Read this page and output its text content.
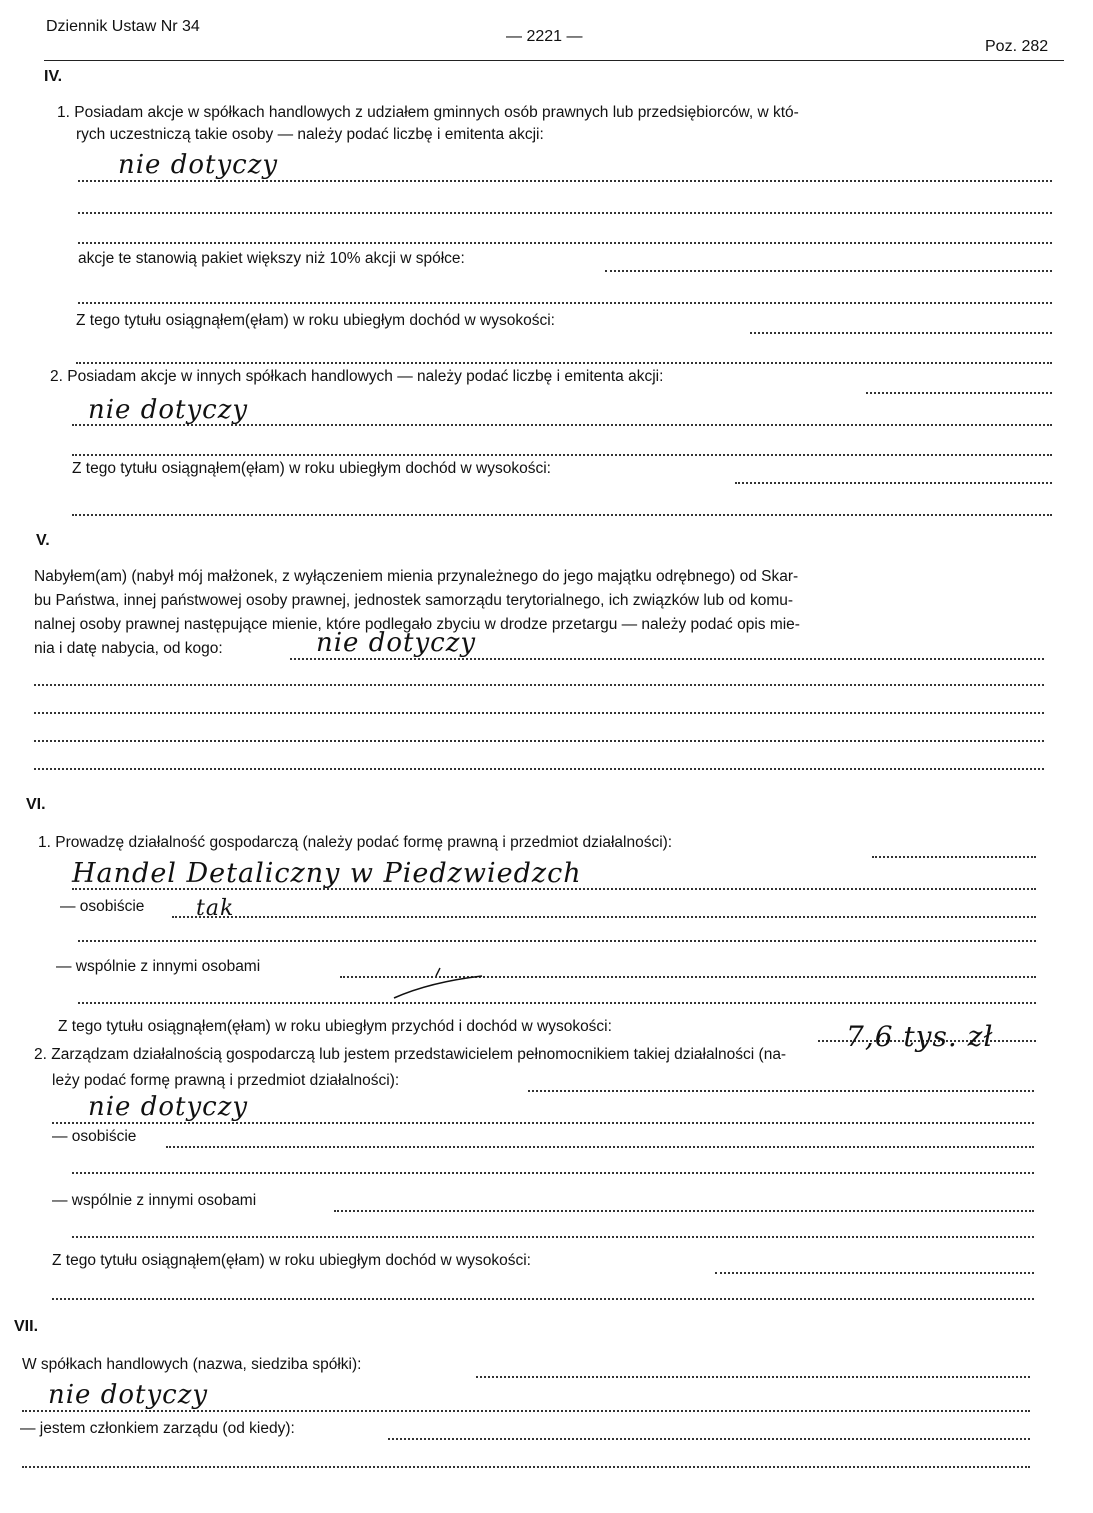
Dziennik Ustaw Nr 34
— 2221 —
Poz. 282
IV.
1. Posiadam akcje w spółkach handlowych z udziałem gminnych osób prawnych lub przedsiębiorców, w któ-
rych uczestniczą takie osoby — należy podać liczbę i emitenta akcji:
nie dotyczy
akcje te stanowią pakiet większy niż 10% akcji w spółce:
Z tego tytułu osiągnąłem(ęłam) w roku ubiegłym dochód w wysokości:
2. Posiadam akcje w innych spółkach handlowych — należy podać liczbę i emitenta akcji:
nie dotyczy
Z tego tytułu osiągnąłem(ęłam) w roku ubiegłym dochód w wysokości:
V.
Nabyłem(am) (nabył mój małżonek, z wyłączeniem mienia przynależnego do jego majątku odrębnego) od Skar-
bu Państwa, innej państwowej osoby prawnej, jednostek samorządu terytorialnego, ich związków lub od komu-
nalnej osoby prawnej następujące mienie, które podlegało zbyciu w drodze przetargu — należy podać opis mie-
nia i datę nabycia, od kogo:	nie dotyczy
VI.
1. Prowadzę działalność gospodarczą (należy podać formę prawną i przedmiot działalności):
Handel Detaliczny w Piedzwiedzch
— osobiście tak
— wspólnie z innymi osobami
Z tego tytułu osiągnąłem(ęłam) w roku ubiegłym przychód i dochód w wysokości:	7,6 tys. zł
2. Zarządzam działalnością gospodarczą lub jestem przedstawicielem pełnomocnikiem takiej działalności (na-
leży podać formę prawną i przedmiot działalności):
nie dotyczy
— osobiście
— wspólnie z innymi osobami
Z tego tytułu osiągnąłem(ęłam) w roku ubiegłym dochód w wysokości:
VII.
W spółkach handlowych (nazwa, siedziba spółki):
nie dotyczy
— jestem członkiem zarządu (od kiedy):
